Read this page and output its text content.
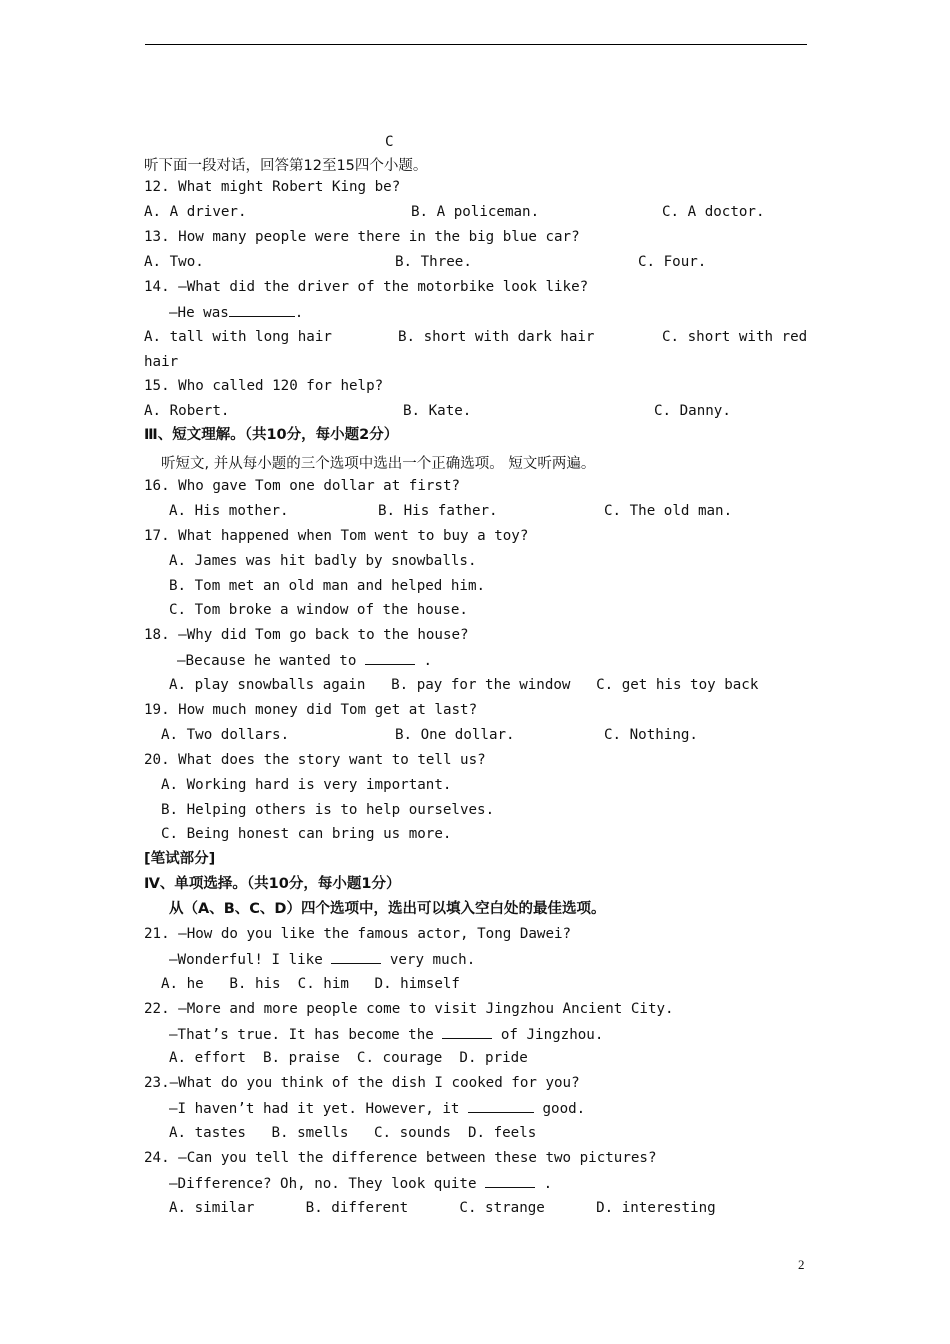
C
听下面一段对话，回答第12至15四个小题。
12. What might Robert King be?
A. A driver.	B. A policeman.	C. A doctor.
13. How many people were there in the big blue car?
A. Two.	B. Three.	C. Four.
14. —What did the driver of the motorbike look like?
—He was	.
A. tall with long hair	B. short with dark hair	C. short with red
hair
15. Who called 120 for help?
A. Robert.	B. Kate.	C. Danny.
Ⅲ、短文理解。（共10分，每小题2分）
听短文, 并从每小题的三个选项中选出一个正确选项。 短文听两遍。
16. Who gave Tom one dollar at first?
A. His mother.	B. His father.	C. The old man.
17. What happened when Tom went to buy a toy?
A. James was hit badly by snowballs.
B. Tom met an old man and helped him.
C. Tom broke a window of the house.
18. —Why did Tom go back to the house?
—Because he wanted to	.
A. play snowballs again   B. pay for the window   C. get his toy back
19. How much money did Tom get at last?
A. Two dollars.	B. One dollar.	C. Nothing.
20. What does the story want to tell us?
A. Working hard is very important.
B. Helping others is to help ourselves.
C. Being honest can bring us more.
[笔试部分]
Ⅳ、单项选择。（共10分，每小题1分）
从（A、B、C、D）四个选项中，选出可以填入空白处的最佳选项。
21. —How do you like the famous actor, Tong Dawei?
—Wonderful! I like	very much.
A. he   B. his  C. him   D. himself
22. —More and more people come to visit Jingzhou Ancient City.
—That’s true. It has become the	of Jingzhou.
A. effort  B. praise  C. courage  D. pride
23.—What do you think of the dish I cooked for you?
—I haven’t had it yet. However, it	good.
A. tastes   B. smells   C. sounds  D. feels
24. —Can you tell the difference between these two pictures?
—Difference? Oh, no. They look quite	.
A. similar      B. different      C. strange      D. interesting
2
